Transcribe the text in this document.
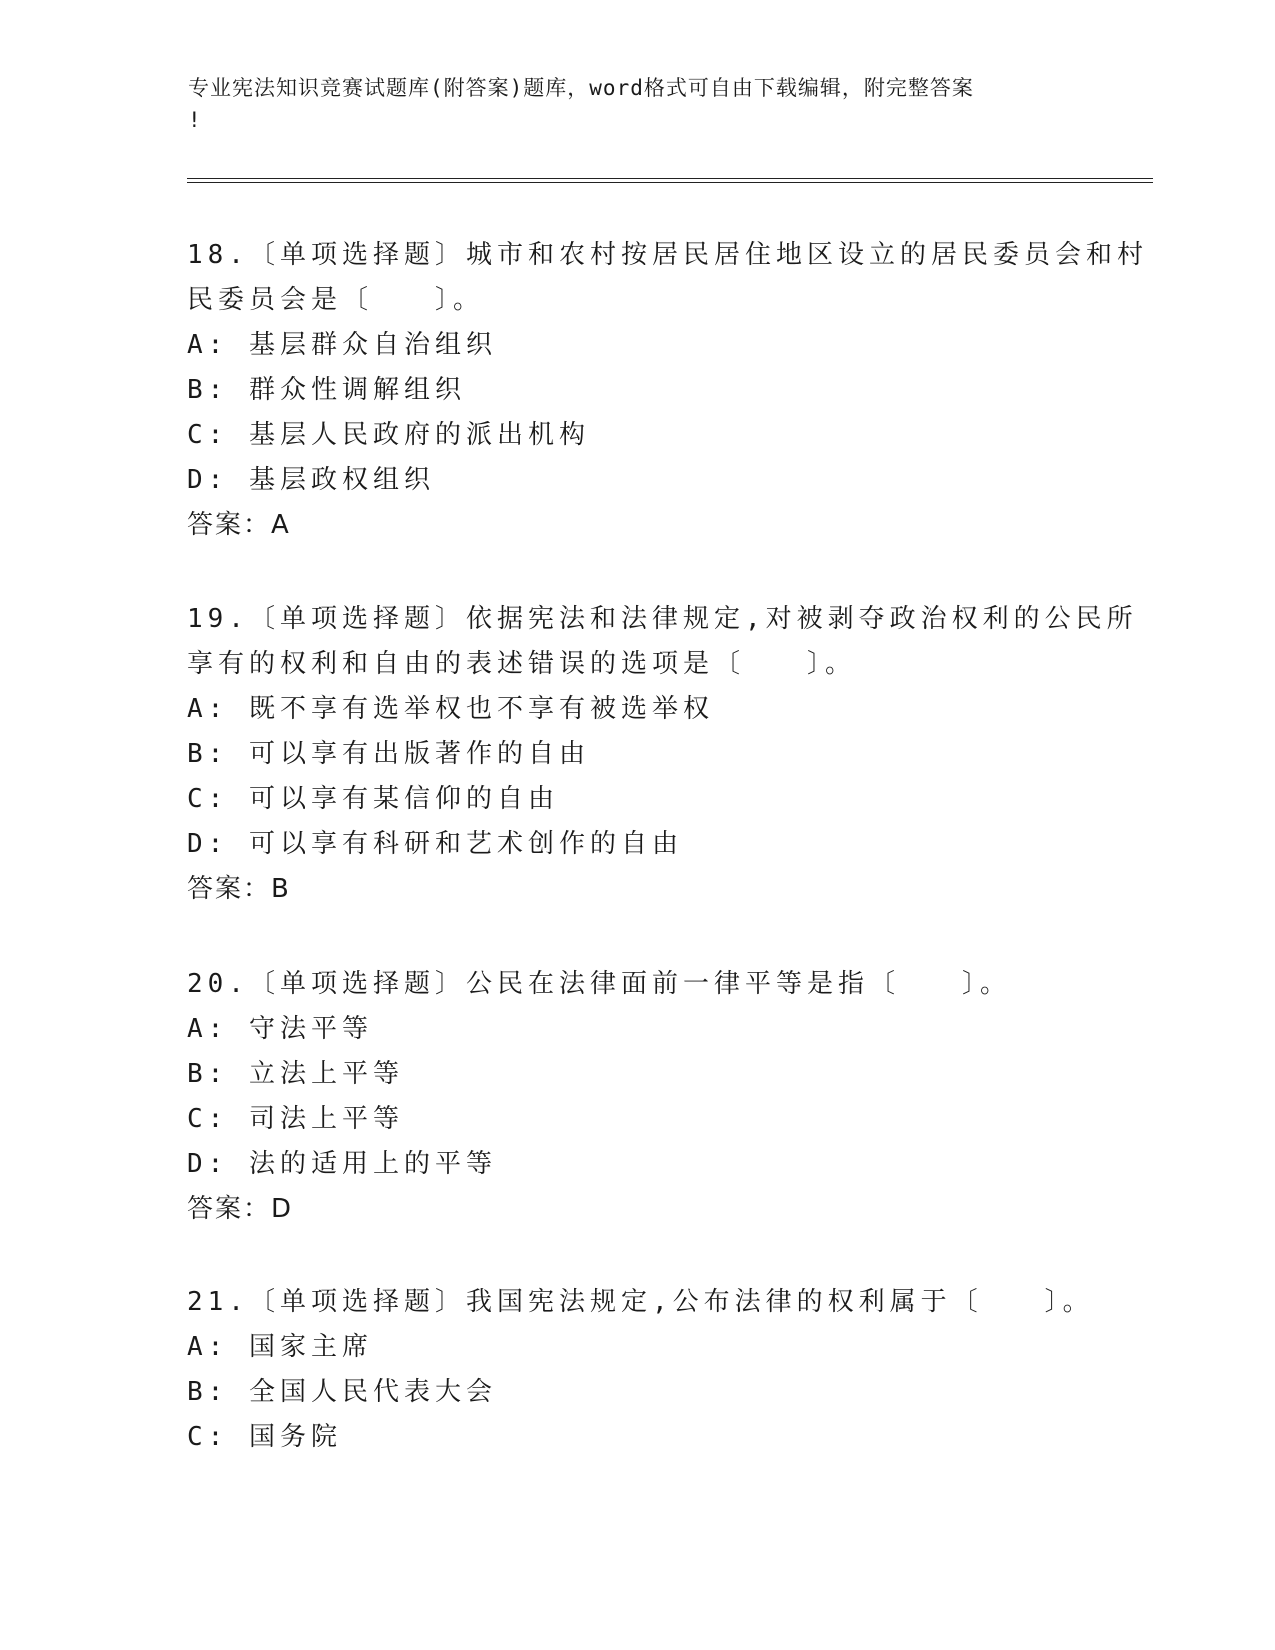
专业宪法知识竞赛试题库(附答案)题库，word格式可自由下载编辑，附完整答案
!
18.〔单项选择题〕城市和农村按居民居住地区设立的居民委员会和村
民委员会是〔　　〕。
A: 基层群众自治组织
B: 群众性调解组织
C: 基层人民政府的派出机构
D: 基层政权组织
答案：A
19.〔单项选择题〕依据宪法和法律规定,对被剥夺政治权利的公民所
享有的权利和自由的表述错误的选项是〔　　〕。
A: 既不享有选举权也不享有被选举权
B: 可以享有出版著作的自由
C: 可以享有某信仰的自由
D: 可以享有科研和艺术创作的自由
答案：B
20.〔单项选择题〕公民在法律面前一律平等是指〔　　〕。
A: 守法平等
B: 立法上平等
C: 司法上平等
D: 法的适用上的平等
答案：D
21.〔单项选择题〕我国宪法规定,公布法律的权利属于〔　　〕。
A: 国家主席
B: 全国人民代表大会
C: 国务院
